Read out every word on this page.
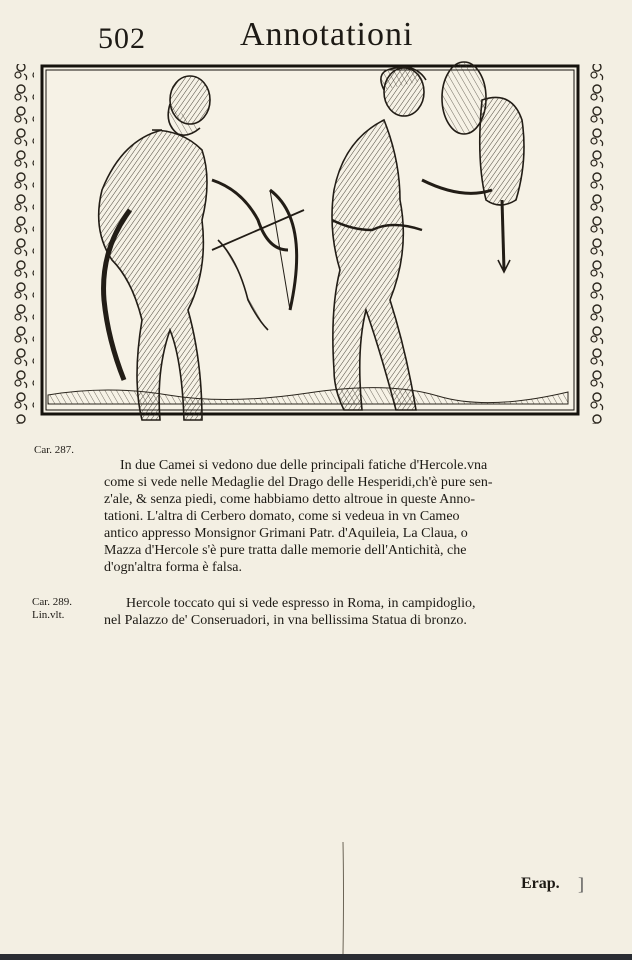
502	Annotationi
Car. 287.
Car. 289.
Lin.vlt.
In due Camei si vedono due delle principali fatiche d'Hercole.vna
come si vede nelle Medaglie del Drago delle Hesperidi,ch'è pure sen-
z'ale, & senza piedi, come habbiamo detto altroue in queste Anno-
tationi. L'altra di Cerbero domato, come si vedeua in vn Cameo
antico appresso Monsignor Grimani Patr. d'Aquileia, La Claua, o
Mazza d'Hercole s'è pure tratta dalle memorie dell'Antichità, che
d'ogn'altra forma è falsa.
Hercole toccato qui si vede espresso in Roma, in campidoglio,
nel Palazzo de' Conseruadori, in vna bellissima Statua di bronzo.
Erap. ]
